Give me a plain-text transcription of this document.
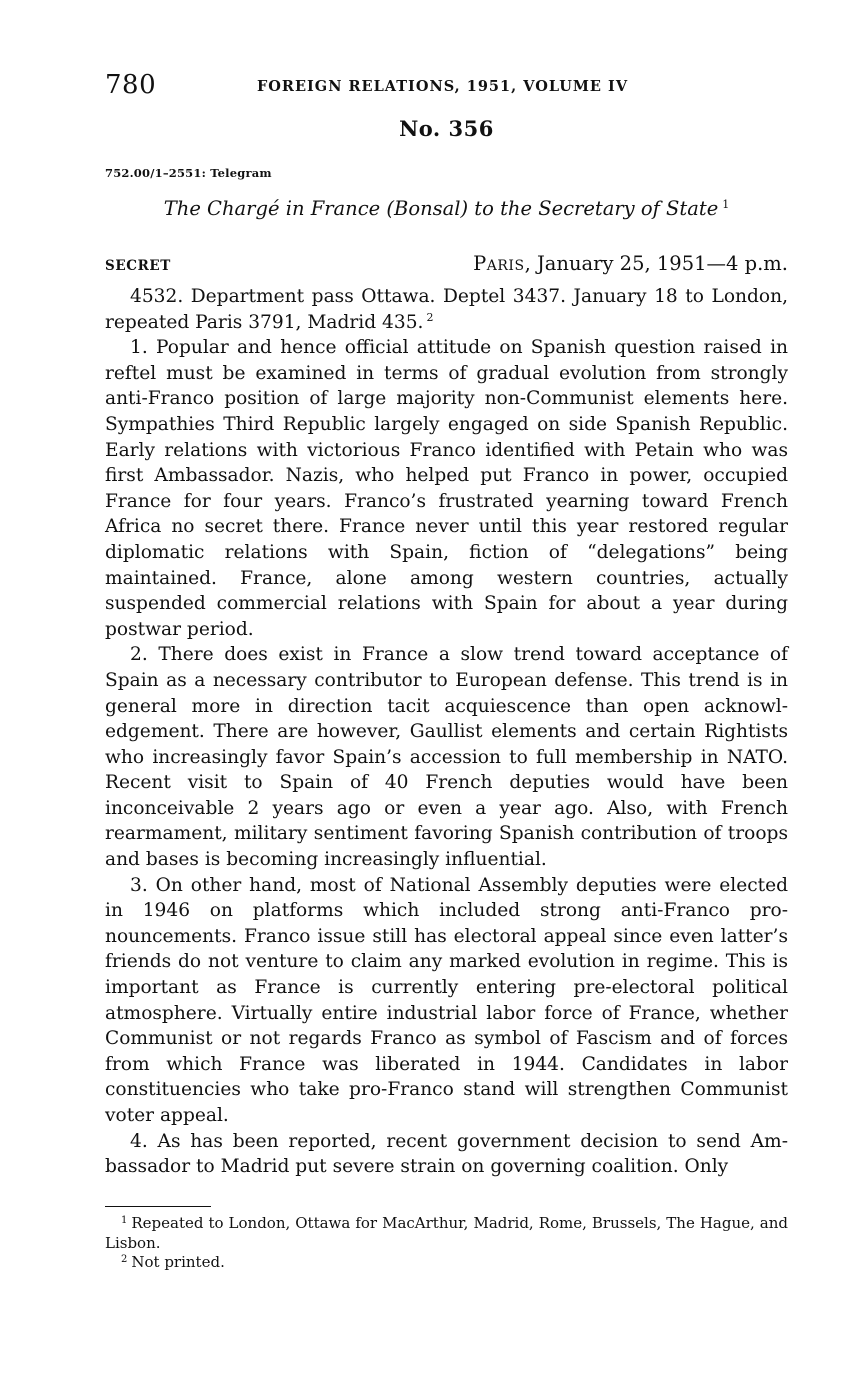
780	FOREIGN RELATIONS, 1951, VOLUME IV
No. 356
752.00/1–2551: Telegram
The Chargé in France (Bonsal) to the Secretary of State $^1$
SECRET	Paris, January 25, 1951—4 p.m.

4532. Department pass Ottawa. Deptel 3437. January 18 to London, repeated Paris 3791, Madrid 435. $^2$

1. Popular and hence official attitude on Spanish question raised in reftel must be examined in terms of gradual evolution from strongly anti-Franco position of large majority non-Communist elements here. Sympathies Third Republic largely engaged on side Spanish Republic. Early relations with victorious Franco identified with Petain who was first Ambassador. Nazis, who helped put Franco in power, occupied France for four years. Franco’s frustrated yearning toward French Africa no secret there. France never until this year restored regular diplomatic relations with Spain, fiction of “delegations” being maintained. France, alone among western countries, actually suspended commercial relations with Spain for about a year during postwar period.

2. There does exist in France a slow trend toward acceptance of Spain as a necessary contributor to European defense. This trend is in general more in direction tacit acquiescence than open acknowledgement. There are however, Gaullist elements and certain Rightists who increasingly favor Spain’s accession to full membership in NATO. Recent visit to Spain of 40 French deputies would have been inconceivable 2 years ago or even a year ago. Also, with French rearmament, military sentiment favoring Spanish contribution of troops and bases is becoming increasingly influential.

3. On other hand, most of National Assembly deputies were elected in 1946 on platforms which included strong anti-Franco pronouncements. Franco issue still has electoral appeal since even latter’s friends do not venture to claim any marked evolution in regime. This is important as France is currently entering pre-electoral political atmosphere. Virtually entire industrial labor force of France, whether Communist or not regards Franco as symbol of Fascism and of forces from which France was liberated in 1944. Candidates in labor constituencies who take pro-Franco stand will strengthen Communist voter appeal.

4. As has been reported, recent government decision to send Ambassador to Madrid put severe strain on governing coalition. Only

$^1$ Repeated to London, Ottawa for MacArthur, Madrid, Rome, Brussels, The Hague, and Lisbon.

$^2$ Not printed.
